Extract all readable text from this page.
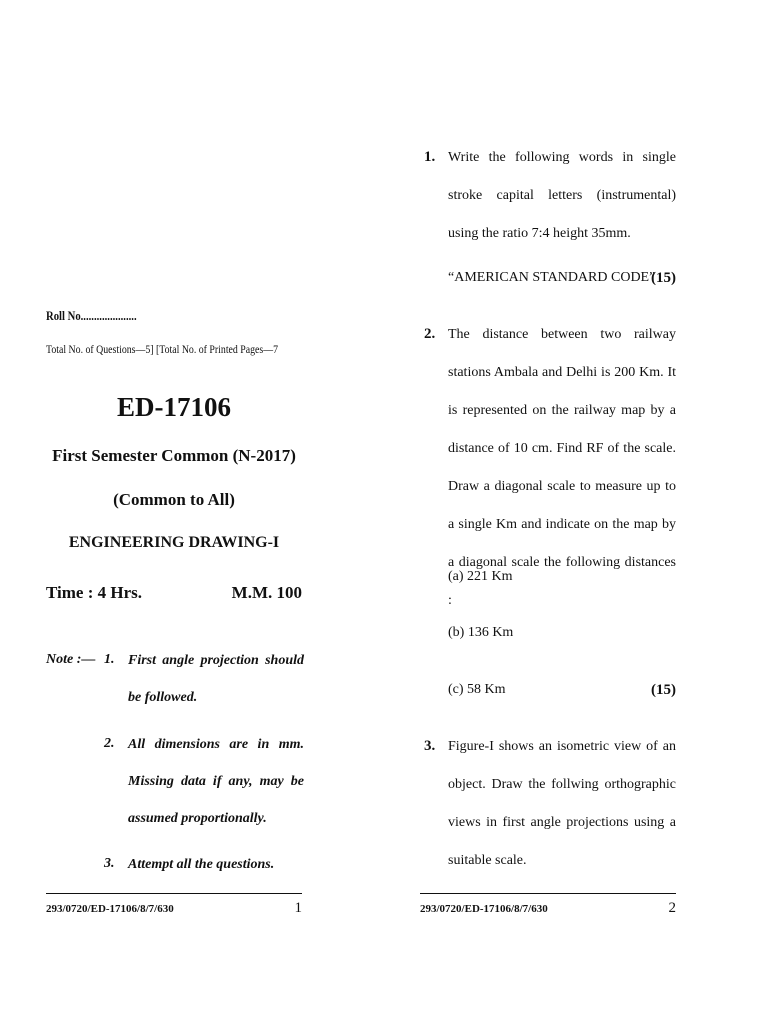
Roll No.....................

Total No. of Questions—5] [Total No. of Printed Pages—7

ED-17106

First Semester Common (N-2017)

(Common to All)

ENGINEERING DRAWING-I

Time : 4 Hrs.	M.M. 100

Note :— 1. First angle projection should be followed.

2. All dimensions are in mm. Missing data if any, may be assumed proportionally.

3. Attempt all the questions.

293/0720/ED-17106/8/7/630	1

1. Write the following words in single stroke capital letters (instrumental) using the ratio 7:4 height 35mm.

“AMERICAN STANDARD CODE”
(15)

2. The distance between two railway stations Ambala and Delhi is 200 Km. It is represented on the railway map by a distance of 10 cm. Find RF of the scale. Draw a diagonal scale to measure up to a single Km and indicate on the map by a diagonal scale the following distances :

(a) 221 Km

(b) 136 Km

(c) 58 Km	(15)

3. Figure-I shows an isometric view of an object. Draw the follwing orthographic views in first angle projections using a suitable scale.

293/0720/ED-17106/8/7/630	2
